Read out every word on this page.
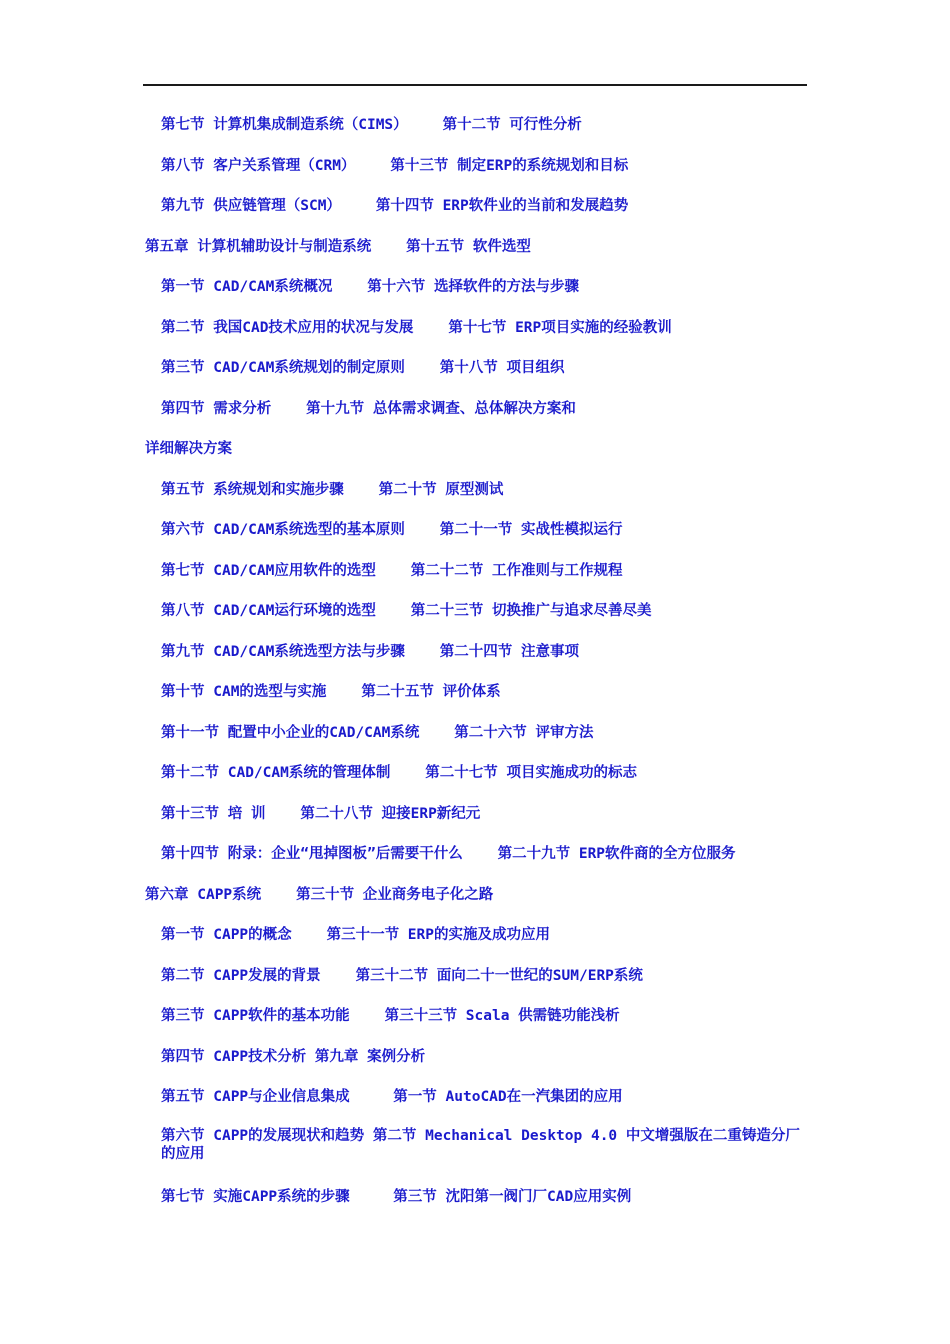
第七节 计算机集成制造系统（CIMS）    第十二节 可行性分析
第八节 客户关系管理（CRM）    第十三节 制定ERP的系统规划和目标
第九节 供应链管理（SCM）    第十四节 ERP软件业的当前和发展趋势
第五章 计算机辅助设计与制造系统    第十五节 软件选型
第一节 CAD/CAM系统概况    第十六节 选择软件的方法与步骤
第二节 我国CAD技术应用的状况与发展    第十七节 ERP项目实施的经验教训
第三节 CAD/CAM系统规划的制定原则    第十八节 项目组织
第四节 需求分析    第十九节 总体需求调查、总体解决方案和
详细解决方案
第五节 系统规划和实施步骤    第二十节 原型测试
第六节 CAD/CAM系统选型的基本原则    第二十一节 实战性模拟运行
第七节 CAD/CAM应用软件的选型    第二十二节 工作准则与工作规程
第八节 CAD/CAM运行环境的选型    第二十三节 切换推广与追求尽善尽美
第九节 CAD/CAM系统选型方法与步骤    第二十四节 注意事项
第十节 CAM的选型与实施    第二十五节 评价体系
第十一节 配置中小企业的CAD/CAM系统    第二十六节 评审方法
第十二节 CAD/CAM系统的管理体制    第二十七节 项目实施成功的标志
第十三节 培 训    第二十八节 迎接ERP新纪元
第十四节 附录：企业“甩掉图板”后需要干什么    第二十九节 ERP软件商的全方位服务
第六章 CAPP系统    第三十节 企业商务电子化之路
第一节 CAPP的概念    第三十一节 ERP的实施及成功应用
第二节 CAPP发展的背景    第三十二节 面向二十一世纪的SUM/ERP系统
第三节 CAPP软件的基本功能    第三十三节 Scala 供需链功能浅析
第四节 CAPP技术分析 第九章 案例分析
第五节 CAPP与企业信息集成     第一节 AutoCAD在一汽集团的应用
第六节 CAPP的发展现状和趋势 第二节 Mechanical Desktop 4.0 中文增强版在二重铸造分厂的应用
第七节 实施CAPP系统的步骤     第三节 沈阳第一阀门厂CAD应用实例
